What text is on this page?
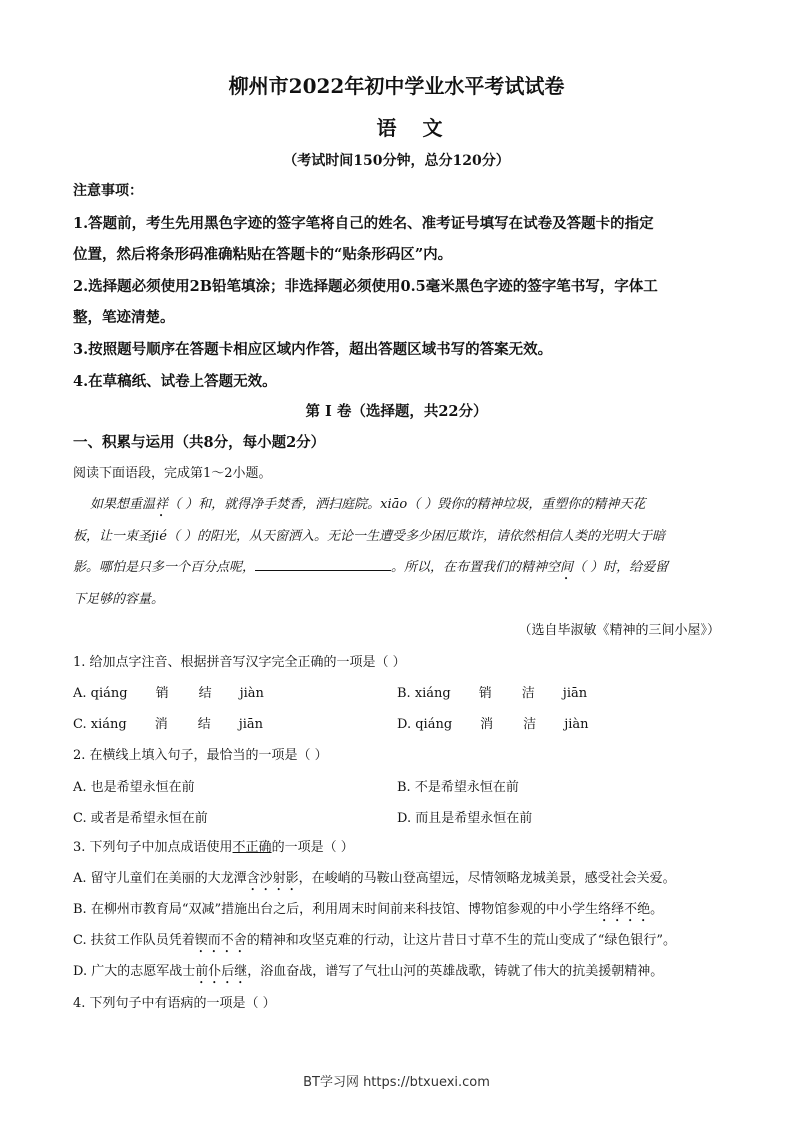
柳州市2022年初中学业水平考试试卷
语文
（考试时间150分钟，总分120分）
注意事项：
1.答题前，考生先用黑色字迹的签字笔将自己的姓名、准考证号填写在试卷及答题卡的指定
位置，然后将条形码准确粘贴在答题卡的“贴条形码区”内。
2.选择题必须使用2B铅笔填涂；非选择题必须使用0.5毫米黑色字迹的签字笔书写，字体工
整，笔迹清楚。
3.按照题号顺序在答题卡相应区域内作答，超出答题区域书写的答案无效。
4.在草稿纸、试卷上答题无效。
第 Ⅰ 卷（选择题，共22分）
一、积累与运用（共8分，每小题2分）
阅读下面语段，完成第1～2小题。
如果想重温祥（ ）和，就得净手焚香，洒扫庭院。xiāo（ ）毁你的精神垃圾，重塑你的精神天花
板，让一束圣jié（ ）的阳光，从天窗洒入。无论一生遭受多少困厄欺诈，请依然相信人类的光明大于暗
影。哪怕是只多一个百分点呢，	。所以，在布置我们的精神空间（ ）时，给爱留
下足够的容量。
（选自毕淑敏《精神的三间小屋》）
1. 给加点字注音、根据拼音写汉字完全正确的一项是（ ）
A. qiáng 销 结 jiàn	B. xiáng 销 洁 jiān
C. xiáng 消 结 jiān	D. qiáng 消 洁 jiàn
2. 在横线上填入句子，最恰当的一项是（ ）
A. 也是希望永恒在前	B. 不是希望永恒在前
C. 或者是希望永恒在前	D. 而且是希望永恒在前
3. 下列句子中加点成语使用不正确的一项是（ ）
A. 留守儿童们在美丽的大龙潭含沙射影，在峻峭的马鞍山登高望远，尽情领略龙城美景，感受社会关爱。
B. 在柳州市教育局“双减”措施出台之后，利用周末时间前来科技馆、博物馆参观的中小学生络绎不绝。
C. 扶贫工作队员凭着锲而不舍的精神和攻坚克难的行动，让这片昔日寸草不生的荒山变成了“绿色银行”。
D. 广大的志愿军战士前仆后继，浴血奋战，谱写了气壮山河的英雄战歌，铸就了伟大的抗美援朝精神。
4. 下列句子中有语病的一项是（ ）
BT学习网 https://btxuexi.com
